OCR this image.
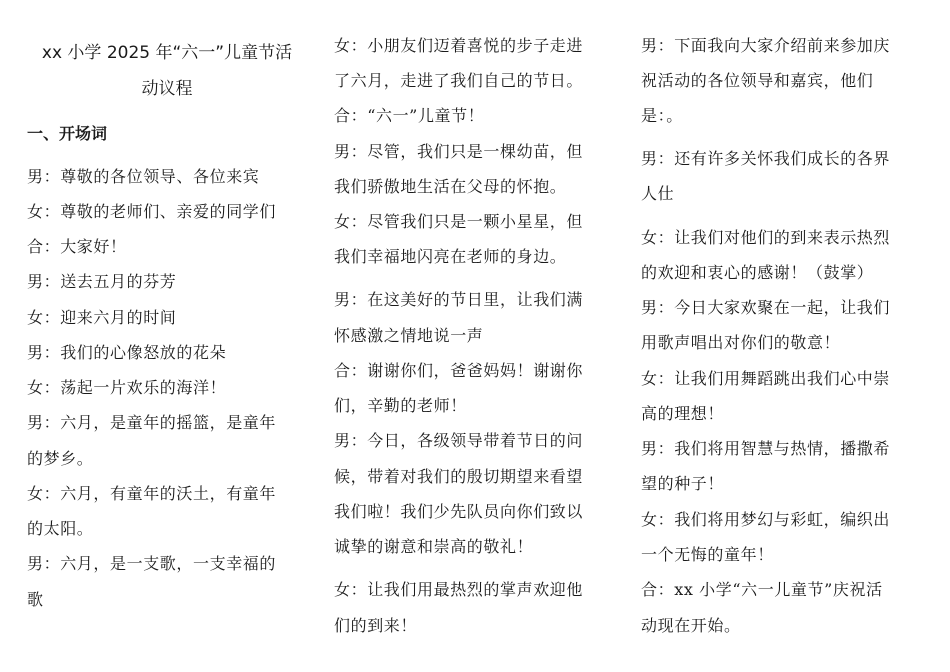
xx 小学 2025 年“六一”儿童节活
动议程
一、开场词
男：尊敬的各位领导、各位来宾
女：尊敬的老师们、亲爱的同学们
合：大家好！
男：送去五月的芬芳
女：迎来六月的时间
男：我们的心像怒放的花朵
女：荡起一片欢乐的海洋！
男：六月，是童年的摇篮，是童年
的梦乡。
女：六月，有童年的沃土，有童年
的太阳。
男：六月，是一支歌，一支幸福的
歌
女：小朋友们迈着喜悦的步子走进
了六月，走进了我们自己的节日。
合：“六一”儿童节！
男：尽管，我们只是一棵幼苗，但
我们骄傲地生活在父母的怀抱。
女：尽管我们只是一颗小星星，但
我们幸福地闪亮在老师的身边。
男：在这美好的节日里，让我们满
怀感激之情地说一声
合：谢谢你们，爸爸妈妈！谢谢你
们，辛勤的老师！
男：今日，各级领导带着节日的问
候，带着对我们的殷切期望来看望
我们啦！我们少先队员向你们致以
诚挚的谢意和崇高的敬礼！
女：让我们用最热烈的掌声欢迎他
们的到来！
男：下面我向大家介绍前来参加庆
祝活动的各位领导和嘉宾，他们
是：。
男：还有许多关怀我们成长的各界
人仕
女：让我们对他们的到来表示热烈
的欢迎和衷心的感谢！（鼓掌）
男：今日大家欢聚在一起，让我们
用歌声唱出对你们的敬意！
女：让我们用舞蹈跳出我们心中崇
高的理想！
男：我们将用智慧与热情，播撒希
望的种子！
女：我们将用梦幻与彩虹，编织出
一个无悔的童年！
合：xx 小学“六一儿童节”庆祝活
动现在开始。
